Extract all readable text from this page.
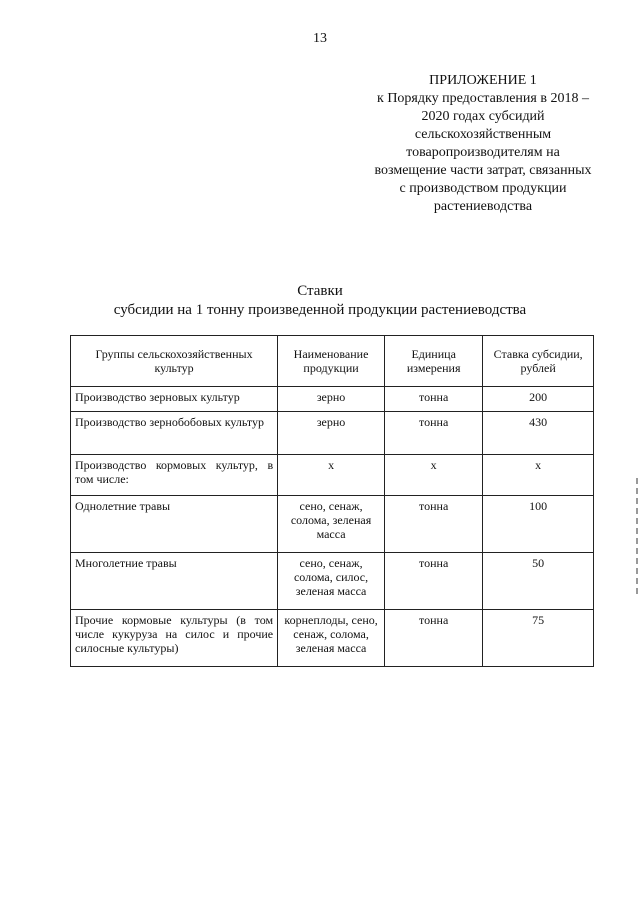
13
ПРИЛОЖЕНИЕ 1
к Порядку предоставления в 2018 –
2020 годах субсидий
сельскохозяйственным
товаропроизводителям на
возмещение части затрат, связанных
с производством продукции
растениеводства
Ставки
субсидии на 1 тонну произведенной продукции растениеводства
Группы сельскохозяйственных культур	Наименование продукции	Единица измерения	Ставка субсидии, рублей
Производство зерновых культур	зерно	тонна	200
Производство зернобобовых культур	зерно	тонна	430
Производство кормовых культур, в том числе:	х	х	х
Однолетние травы	сено, сенаж, солома, зеленая масса	тонна	100
Многолетние травы	сено, сенаж, солома, силос, зеленая масса	тонна	50
Прочие кормовые культуры (в том числе кукуруза на силос и прочие силосные культуры)	корнеплоды, сено, сенаж, солома, зеленая масса	тонна	75
